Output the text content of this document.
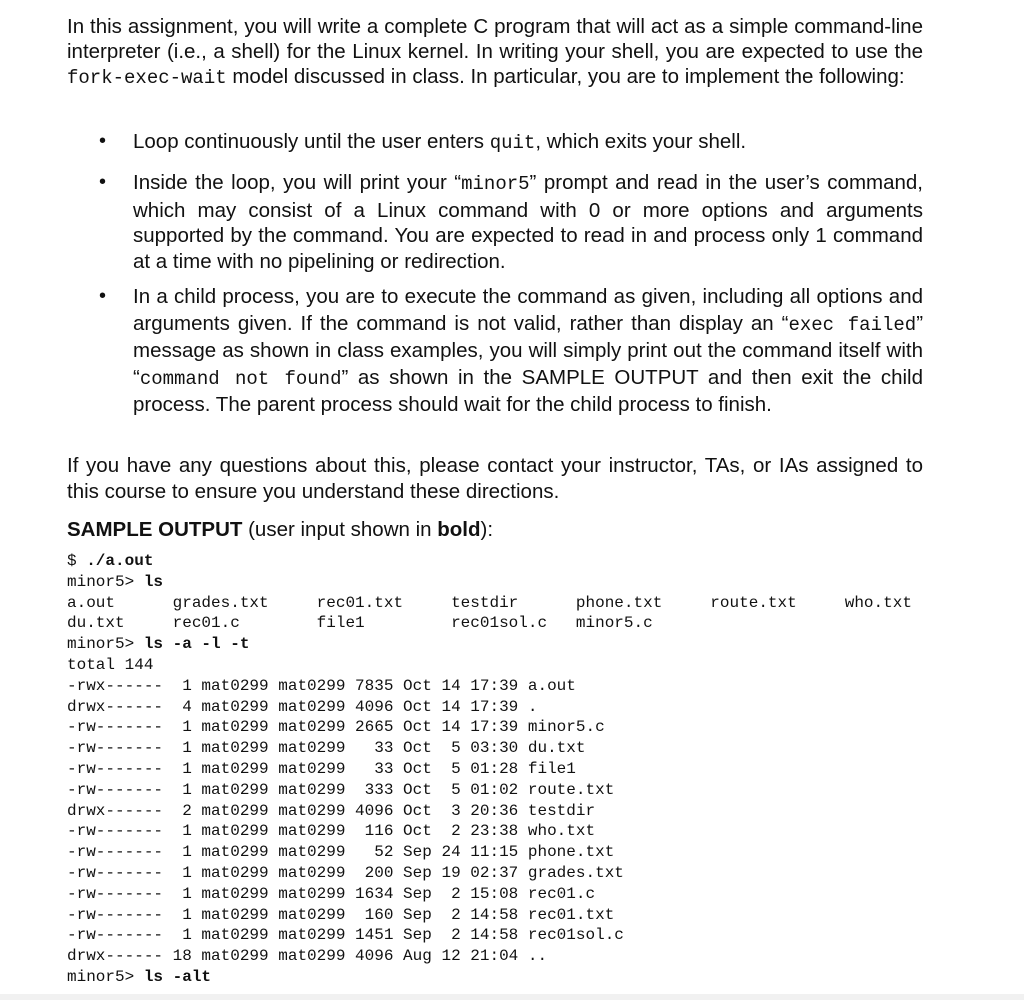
In this assignment, you will write a complete C program that will act as a simple command-line interpreter (i.e., a shell) for the Linux kernel. In writing your shell, you are expected to use the fork-exec-wait model discussed in class. In particular, you are to implement the following:
• Loop continuously until the user enters quit, which exits your shell.
• Inside the loop, you will print your “minor5” prompt and read in the user’s command, which may consist of a Linux command with 0 or more options and arguments supported by the command. You are expected to read in and process only 1 command at a time with no pipelining or redirection.
• In a child process, you are to execute the command as given, including all options and arguments given. If the command is not valid, rather than display an “exec failed” message as shown in class examples, you will simply print out the command itself with “command not found” as shown in the SAMPLE OUTPUT and then exit the child process. The parent process should wait for the child process to finish.
If you have any questions about this, please contact your instructor, TAs, or IAs assigned to this course to ensure you understand these directions.
SAMPLE OUTPUT (user input shown in bold):
$ ./a.out
minor5> ls
a.out      grades.txt     rec01.txt     testdir      phone.txt     route.txt     who.txt
du.txt     rec01.c        file1         rec01sol.c   minor5.c
minor5> ls -a -l -t
total 144
-rwx------  1 mat0299 mat0299 7835 Oct 14 17:39 a.out
drwx------  4 mat0299 mat0299 4096 Oct 14 17:39 .
-rw-------  1 mat0299 mat0299 2665 Oct 14 17:39 minor5.c
-rw-------  1 mat0299 mat0299   33 Oct  5 03:30 du.txt
-rw-------  1 mat0299 mat0299   33 Oct  5 01:28 file1
-rw-------  1 mat0299 mat0299  333 Oct  5 01:02 route.txt
drwx------  2 mat0299 mat0299 4096 Oct  3 20:36 testdir
-rw-------  1 mat0299 mat0299  116 Oct  2 23:38 who.txt
-rw-------  1 mat0299 mat0299   52 Sep 24 11:15 phone.txt
-rw-------  1 mat0299 mat0299  200 Sep 19 02:37 grades.txt
-rw-------  1 mat0299 mat0299 1634 Sep  2 15:08 rec01.c
-rw-------  1 mat0299 mat0299  160 Sep  2 14:58 rec01.txt
-rw-------  1 mat0299 mat0299 1451 Sep  2 14:58 rec01sol.c
drwx------ 18 mat0299 mat0299 4096 Aug 12 21:04 ..
minor5> ls -alt
